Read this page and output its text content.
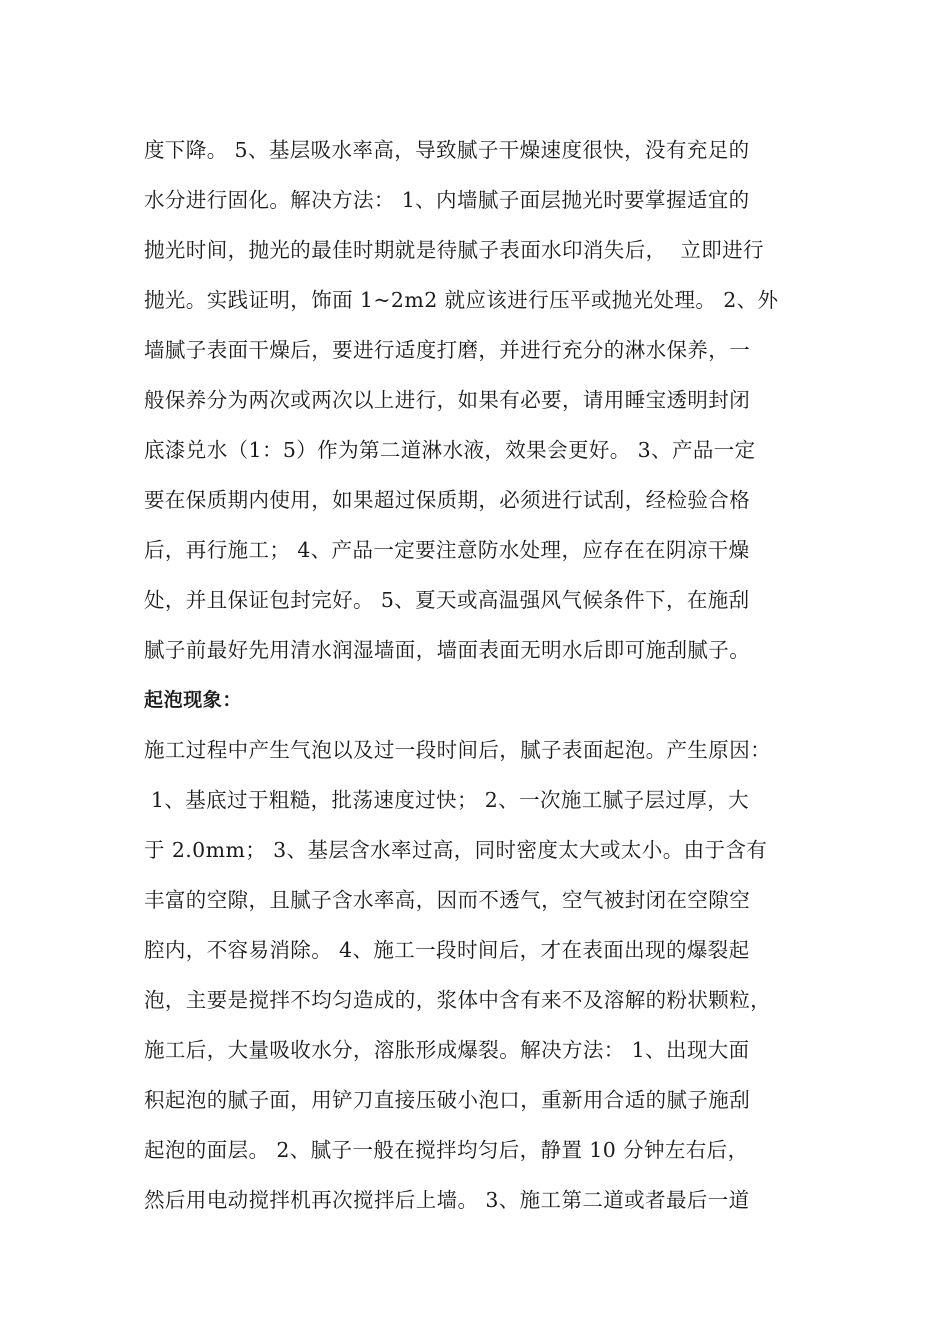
度下降。 5、基层吸水率高，导致腻子干燥速度很快，没有充足的
水分进行固化。解决方法： 1、内墙腻子面层抛光时要掌握适宜的
抛光时间，抛光的最佳时期就是待腻子表面水印消失后，  立即进行
抛光。实践证明，饰面 1~2m2 就应该进行压平或抛光处理。 2、外
墙腻子表面干燥后，要进行适度打磨，并进行充分的淋水保养，一
般保养分为两次或两次以上进行，如果有必要，请用睡宝透明封闭
底漆兑水（1：5）作为第二道淋水液，效果会更好。 3、产品一定
要在保质期内使用，如果超过保质期，必须进行试刮，经检验合格
后，再行施工； 4、产品一定要注意防水处理，应存在在阴凉干燥
处，并且保证包封完好。 5、夏天或高温强风气候条件下，在施刮
腻子前最好先用清水润湿墙面，墙面表面无明水后即可施刮腻子。
起泡现象：
施工过程中产生气泡以及过一段时间后，腻子表面起泡。产生原因：
1、基底过于粗糙，批荡速度过快； 2、一次施工腻子层过厚，大
于 2.0mm； 3、基层含水率过高，同时密度太大或太小。由于含有
丰富的空隙，且腻子含水率高，因而不透气，空气被封闭在空隙空
腔内，不容易消除。 4、施工一段时间后，才在表面出现的爆裂起
泡，主要是搅拌不均匀造成的，浆体中含有来不及溶解的粉状颗粒，
施工后，大量吸收水分，溶胀形成爆裂。解决方法： 1、出现大面
积起泡的腻子面，用铲刀直接压破小泡口，重新用合适的腻子施刮
起泡的面层。 2、腻子一般在搅拌均匀后，静置 10 分钟左右后，
然后用电动搅拌机再次搅拌后上墙。 3、施工第二道或者最后一道
